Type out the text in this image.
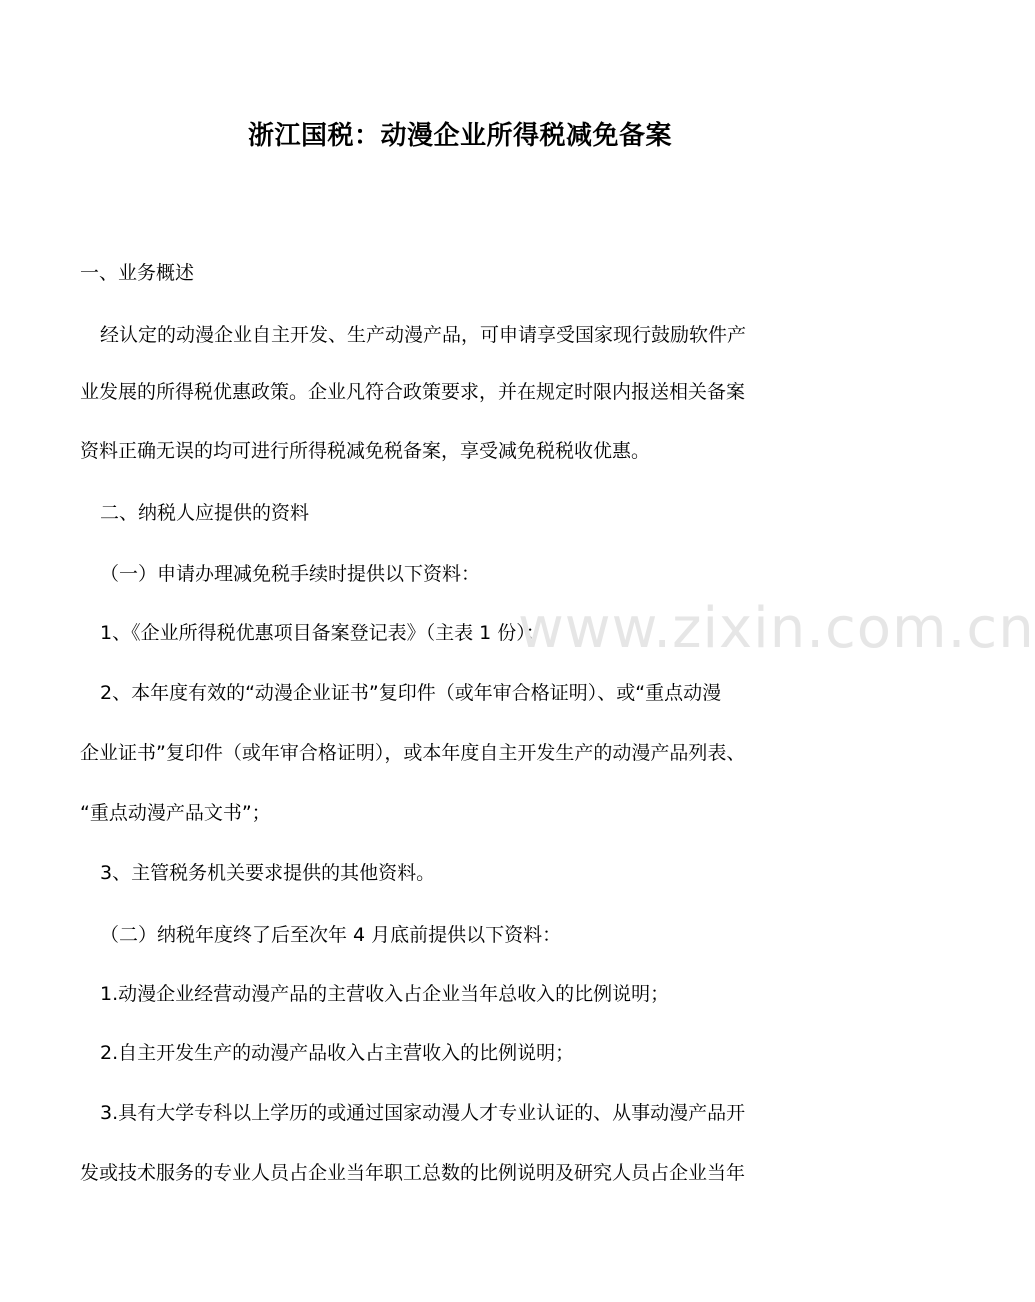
浙江国税：动漫企业所得税减免备案
一、业务概述
经认定的动漫企业自主开发、生产动漫产品，可申请享受国家现行鼓励软件产
业发展的所得税优惠政策。企业凡符合政策要求，并在规定时限内报送相关备案
资料正确无误的均可进行所得税减免税备案，享受减免税税收优惠。
二、纳税人应提供的资料
（一）申请办理减免税手续时提供以下资料：
1、《企业所得税优惠项目备案登记表》（主表 1 份）；
2、本年度有效的“动漫企业证书”复印件（或年审合格证明）、或“重点动漫
企业证书”复印件（或年审合格证明），或本年度自主开发生产的动漫产品列表、
“重点动漫产品文书”；
3、主管税务机关要求提供的其他资料。
（二）纳税年度终了后至次年 4 月底前提供以下资料：
1.动漫企业经营动漫产品的主营收入占企业当年总收入的比例说明；
2.自主开发生产的动漫产品收入占主营收入的比例说明；
3.具有大学专科以上学历的或通过国家动漫人才专业认证的、从事动漫产品开
发或技术服务的专业人员占企业当年职工总数的比例说明及研究人员占企业当年
www.zixin.com.cn
